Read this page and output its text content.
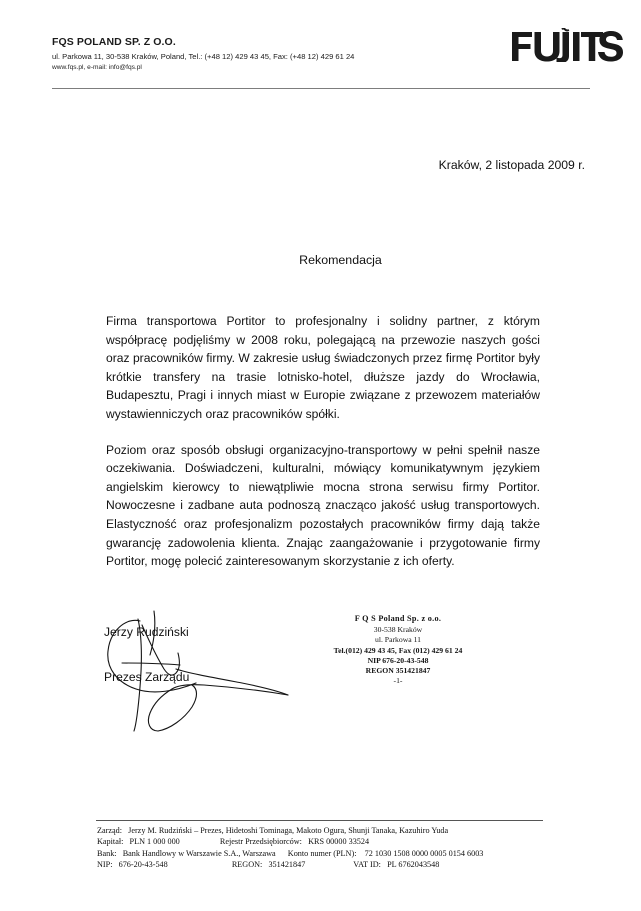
FQS POLAND SP. Z O.O.
ul. Parkowa 11, 30-538 Kraków, Poland, Tel.: (+48 12) 429 43 45, Fax: (+48 12) 429 61 24
www.fqs.pl, e-mail: info@fqs.pl
Kraków, 2 listopada 2009 r.
Rekomendacja

Firma transportowa Portitor to profesjonalny i solidny partner, z którym współpracę podjęliśmy w 2008 roku, polegającą na przewozie naszych gości oraz pracowników firmy. W zakresie usług świadczonych przez firmę Portitor były krótkie transfery na trasie lotnisko-hotel, dłuższe jazdy do Wrocławia, Budapesztu, Pragi i innych miast w Europie związane z przewozem materiałów wystawienniczych oraz pracowników spółki.

Poziom oraz sposób obsługi organizacyjno-transportowy w pełni spełnił nasze oczekiwania. Doświadczeni, kulturalni, mówiący komunikatywnym językiem angielskim kierowcy to niewątpliwie mocna strona serwisu firmy Portitor. Nowoczesne i zadbane auta podnoszą znacząco jakość usług transportowych. Elastyczność oraz profesjonalizm pozostałych pracowników firmy dają także gwarancję zadowolenia klienta. Znając zaangażowanie i przygotowanie firmy Portitor, mogę polecić zainteresowanym skorzystanie z ich oferty.

Jerzy Rudziński
Prezes Zarządu
F Q S Poland Sp. z o.o.
30-538 Kraków
ul. Parkowa 11
Tel.(012) 429 43 45, Fax (012) 429 61 24
NIP 676-20-43-548
REGON 351421847
-1-
Zarząd: Jerzy M. Rudziński – Prezes, Hidetoshi Tominaga, Makoto Ogura, Shunji Tanaka, Kazuhiro Yuda
Kapitał: PLN 1 000 000	Rejestr Przedsiębiorców: KRS 00000 33524
Bank: Bank Handlowy w Warszawie S.A., Warszawa Konto numer (PLN): 72 1030 1508 0000 0005 0154 6003
NIP: 676-20-43-548	REGON: 351421847	VAT ID: PL 6762043548
